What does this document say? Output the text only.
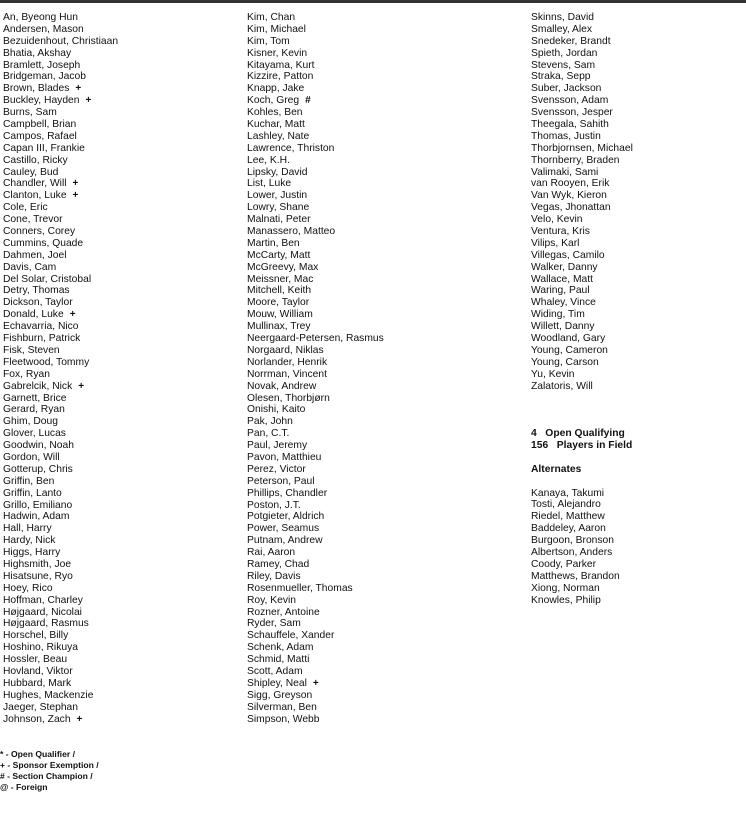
An, Byeong Hun
Andersen, Mason
Bezuidenhout, Christiaan
Bhatia, Akshay
Bramlett, Joseph
Bridgeman, Jacob
Brown, Blades +
Buckley, Hayden +
Burns, Sam
Campbell, Brian
Campos, Rafael
Capan III, Frankie
Castillo, Ricky
Cauley, Bud
Chandler, Will +
Clanton, Luke +
Cole, Eric
Cone, Trevor
Conners, Corey
Cummins, Quade
Dahmen, Joel
Davis, Cam
Del Solar, Cristobal
Detry, Thomas
Dickson, Taylor
Donald, Luke +
Echavarria, Nico
Fishburn, Patrick
Fisk, Steven
Fleetwood, Tommy
Fox, Ryan
Gabrelcik, Nick +
Garnett, Brice
Gerard, Ryan
Ghim, Doug
Glover, Lucas
Goodwin, Noah
Gordon, Will
Gotterup, Chris
Griffin, Ben
Griffin, Lanto
Grillo, Emiliano
Hadwin, Adam
Hall, Harry
Hardy, Nick
Higgs, Harry
Highsmith, Joe
Hisatsune, Ryo
Hoey, Rico
Hoffman, Charley
Højgaard, Nicolai
Højgaard, Rasmus
Horschel, Billy
Hoshino, Rikuya
Hossler, Beau
Hovland, Viktor
Hubbard, Mark
Hughes, Mackenzie
Jaeger, Stephan
Johnson, Zach +
Kim, Chan
Kim, Michael
Kim, Tom
Kisner, Kevin
Kitayama, Kurt
Kizzire, Patton
Knapp, Jake
Koch, Greg #
Kohles, Ben
Kuchar, Matt
Lashley, Nate
Lawrence, Thriston
Lee, K.H.
Lipsky, David
List, Luke
Lower, Justin
Lowry, Shane
Malnati, Peter
Manassero, Matteo
Martin, Ben
McCarty, Matt
McGreevy, Max
Meissner, Mac
Mitchell, Keith
Moore, Taylor
Mouw, William
Mullinax, Trey
Neergaard-Petersen, Rasmus
Norgaard, Niklas
Norlander, Henrik
Norrman, Vincent
Novak, Andrew
Olesen, Thorbjørn
Onishi, Kaito
Pak, John
Pan, C.T.
Paul, Jeremy
Pavon, Matthieu
Perez, Victor
Peterson, Paul
Phillips, Chandler
Poston, J.T.
Potgieter, Aldrich
Power, Seamus
Putnam, Andrew
Rai, Aaron
Ramey, Chad
Riley, Davis
Rosenmueller, Thomas
Roy, Kevin
Rozner, Antoine
Ryder, Sam
Schauffele, Xander
Schenk, Adam
Schmid, Matti
Scott, Adam
Shipley, Neal +
Sigg, Greyson
Silverman, Ben
Simpson, Webb
Skinns, David
Smalley, Alex
Snedeker, Brandt
Spieth, Jordan
Stevens, Sam
Straka, Sepp
Suber, Jackson
Svensson, Adam
Svensson, Jesper
Theegala, Sahith
Thomas, Justin
Thorbjornsen, Michael
Thornberry, Braden
Valimaki, Sami
van Rooyen, Erik
Van Wyk, Kieron
Vegas, Jhonattan
Velo, Kevin
Ventura, Kris
Vilips, Karl
Villegas, Camilo
Walker, Danny
Wallace, Matt
Waring, Paul
Whaley, Vince
Widing, Tim
Willett, Danny
Woodland, Gary
Young, Cameron
Young, Carson
Yu, Kevin
Zalatoris, Will
4   Open Qualifying
156   Players in Field
Alternates
Kanaya, Takumi
Tosti, Alejandro
Riedel, Matthew
Baddeley, Aaron
Burgoon, Bronson
Albertson, Anders
Coody, Parker
Matthews, Brandon
Xiong, Norman
Knowles, Philip
* - Open Qualifier /
+ - Sponsor Exemption /
# - Section Champion /
@ - Foreign
